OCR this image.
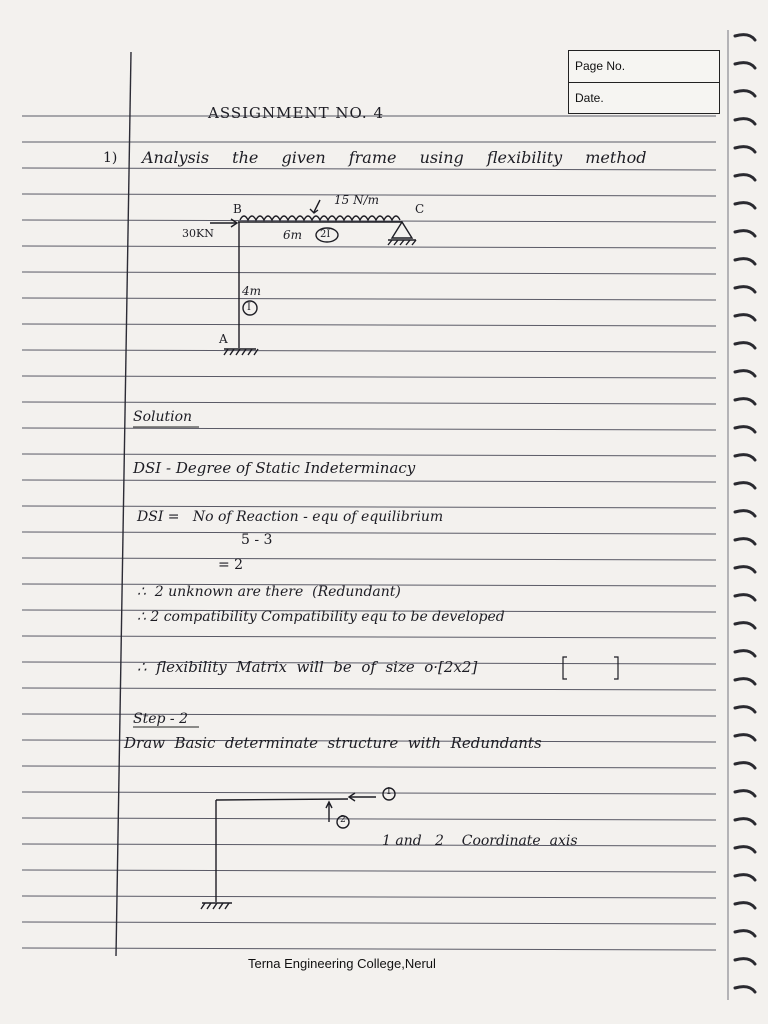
Page No.
Date.
ASSIGNMENT NO. 4
1) Analysis the given frame using flexibility method
15 N/m
B	C
30KN	6m 2I
4m
I
A
Solution
DSI - Degree of Static Indeterminacy
DSI =   No of Reaction - equ of equilibrium
5 - 3
= 2
∴  2 unknown are there  (Redundant)
∴ 2 compatibility Compatibility equ to be developed
∴  flexibility  Matrix  will  be  of  size  o·[2x2]
Step - 2
Draw  Basic  determinate  structure  with  Redundants
1
2
1 and   2    Coordinate  axis
Terna Engineering College,Nerul
